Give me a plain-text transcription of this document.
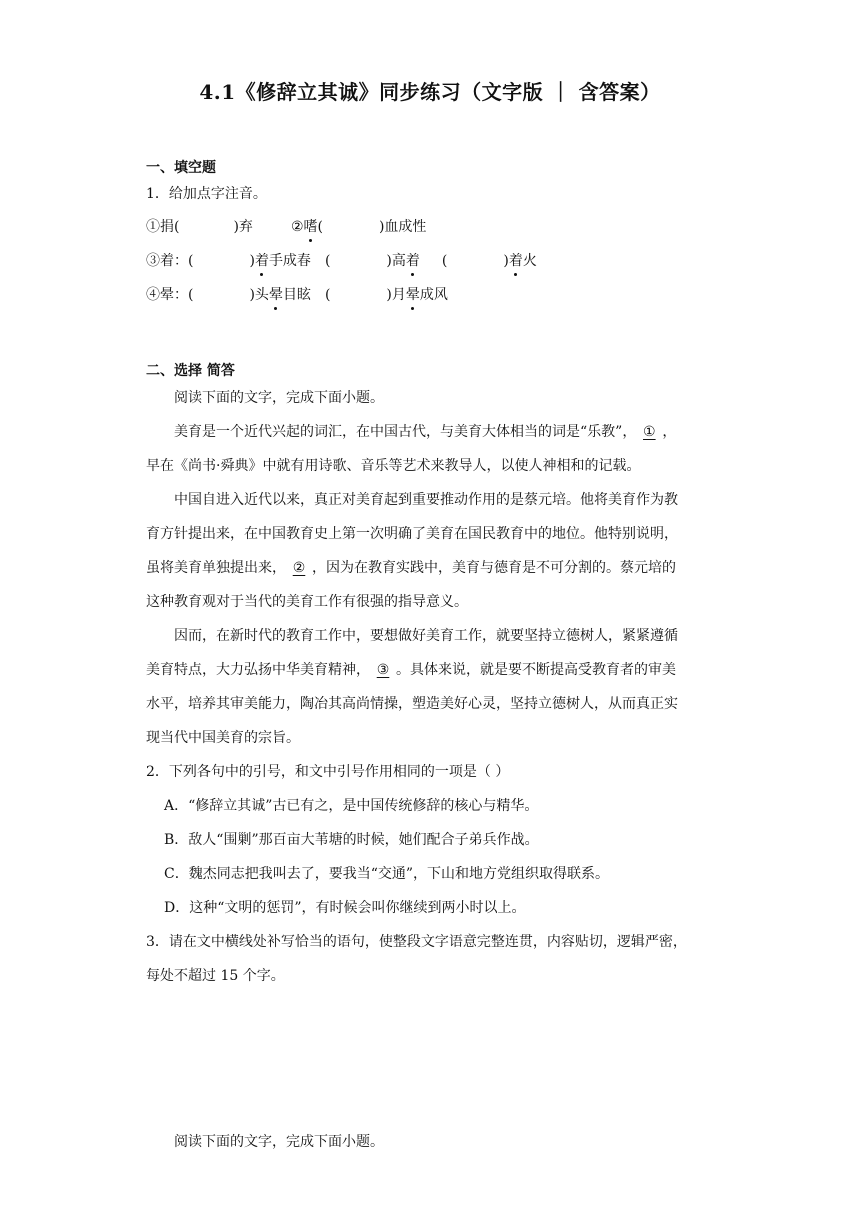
4.1《修辞立其诚》同步练习（文字版 ｜ 含答案）
一、填空题
1．给加点字注音。
①捐(	)弃	②嗜(	)血成性
③着：(	)着手成春 (	)高着 (	)着火
④晕：(	)头晕目眩 (	)月晕成风
二、选择 简答
阅读下面的文字，完成下面小题。
美育是一个近代兴起的词汇，在中国古代，与美育大体相当的词是“乐教”， ① ，
早在《尚书·舜典》中就有用诗歌、音乐等艺术来教导人，以使人神相和的记载。
中国自进入近代以来，真正对美育起到重要推动作用的是蔡元培。他将美育作为教
育方针提出来，在中国教育史上第一次明确了美育在国民教育中的地位。他特别说明，
虽将美育单独提出来， ② ，因为在教育实践中，美育与德育是不可分割的。蔡元培的
这种教育观对于当代的美育工作有很强的指导意义。
因而，在新时代的教育工作中，要想做好美育工作，就要坚持立德树人，紧紧遵循
美育特点，大力弘扬中华美育精神， ③ 。具体来说，就是要不断提高受教育者的审美
水平，培养其审美能力，陶冶其高尚情操，塑造美好心灵，坚持立德树人，从而真正实
现当代中国美育的宗旨。
2．下列各句中的引号，和文中引号作用相同的一项是（ ）
A．“修辞立其诚”古已有之，是中国传统修辞的核心与精华。
B．敌人“围剿”那百亩大苇塘的时候，她们配合子弟兵作战。
C．魏杰同志把我叫去了，要我当“交通”，下山和地方党组织取得联系。
D．这种“文明的惩罚”，有时候会叫你继续到两小时以上。
3．请在文中横线处补写恰当的语句，使整段文字语意完整连贯，内容贴切，逻辑严密，
每处不超过 15 个字。
阅读下面的文字，完成下面小题。
